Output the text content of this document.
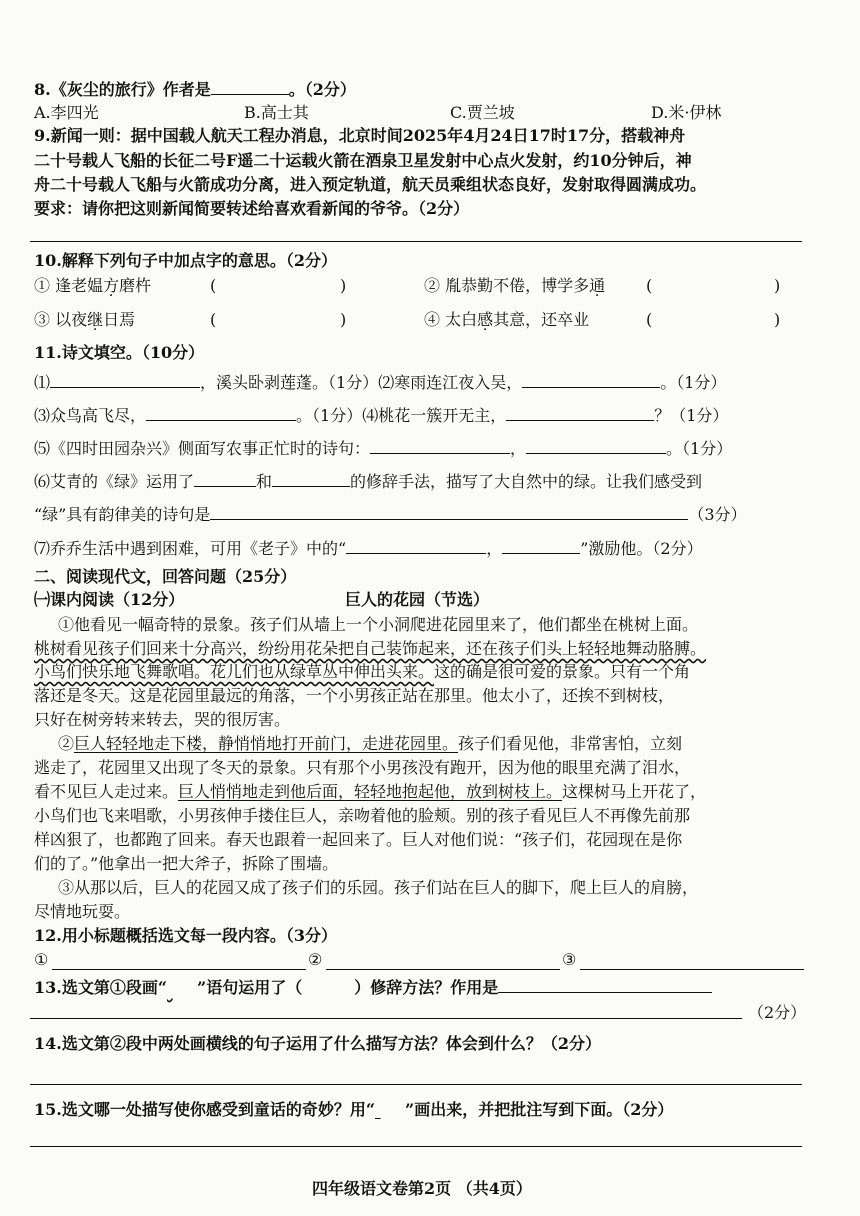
8.《灰尘的旅行》作者是	。（2分）
A.李四光	B.高士其	C.贾兰坡	D.米·伊林
9.新闻一则：据中国载人航天工程办消息，北京时间2025年4月24日17时17分，搭载神舟
二十号载人飞船的长征二号F遥二十运载火箭在酒泉卫星发射中心点火发射，约10分钟后，神
舟二十号载人飞船与火箭成功分离，进入预定轨道，航天员乘组状态良好，发射取得圆满成功。
要求：请你把这则新闻简要转述给喜欢看新闻的爷爷。（2分）
10.解释下列句子中加点字的意思。（2分）
① 逢老媪方磨杵	(	)	② 胤恭勤不倦，博学多通	(	)
③ 以夜继日焉	(	)	④ 太白感其意，还卒业	(	)
11.诗文填空。（10分）
⑴	，溪头卧剥莲蓬。（1分）⑵寒雨连江夜入吴，	。（1分）
⑶众鸟高飞尽，	。（1分）⑷桃花一簇开无主，	？（1分）
⑸《四时田园杂兴》侧面写农事正忙时的诗句：	，	。（1分）
⑹艾青的《绿》运用了	和	的修辞手法，描写了大自然中的绿。让我们感受到
“绿”具有韵律美的诗句是	（3分）
⑺乔乔生活中遇到困难，可用《老子》中的“	，	”激励他。（2分）
二、阅读现代文，回答问题（25分）
㈠课内阅读（12分）	巨人的花园（节选）
①他看见一幅奇特的景象。孩子们从墙上一个小洞爬进花园里来了，他们都坐在桃树上面。
桃树看见孩子们回来十分高兴，纷纷用花朵把自己装饰起来，还在孩子们头上轻轻地舞动胳膊。
小鸟们快乐地飞舞歌唱。花儿们也从绿草丛中伸出头来。这的确是很可爱的景象。只有一个角
落还是冬天。这是花园里最远的角落，一个小男孩正站在那里。他太小了，还挨不到树枝，
只好在树旁转来转去，哭的很厉害。
②巨人轻轻地走下楼，静悄悄地打开前门，走进花园里。孩子们看见他，非常害怕，立刻
逃走了，花园里又出现了冬天的景象。只有那个小男孩没有跑开，因为他的眼里充满了泪水，
看不见巨人走过来。巨人悄悄地走到他后面，轻轻地抱起他，放到树枝上。这棵树马上开花了，
小鸟们也飞来唱歌，小男孩伸手搂住巨人，亲吻着他的脸颊。别的孩子看见巨人不再像先前那
样凶狠了，也都跑了回来。春天也跟着一起回来了。巨人对他们说：“孩子们，花园现在是你
们的了。”他拿出一把大斧子，拆除了围墙。
③从那以后，巨人的花园又成了孩子们的乐园。孩子们站在巨人的脚下，爬上巨人的肩膀，
尽情地玩耍。
12.用小标题概括选文每一段内容。（3分）
①	②	③
13.选文第①段画“ ”语句运用了（	）修辞方法？作用是
（2分）
14.选文第②段中两处画横线的句子运用了什么描写方法？体会到什么？（2分）
15.选文哪一处描写使你感受到童话的奇妙？用“ ”画出来，并把批注写到下面。（2分）
四年级语文卷第2页 （共4页）
